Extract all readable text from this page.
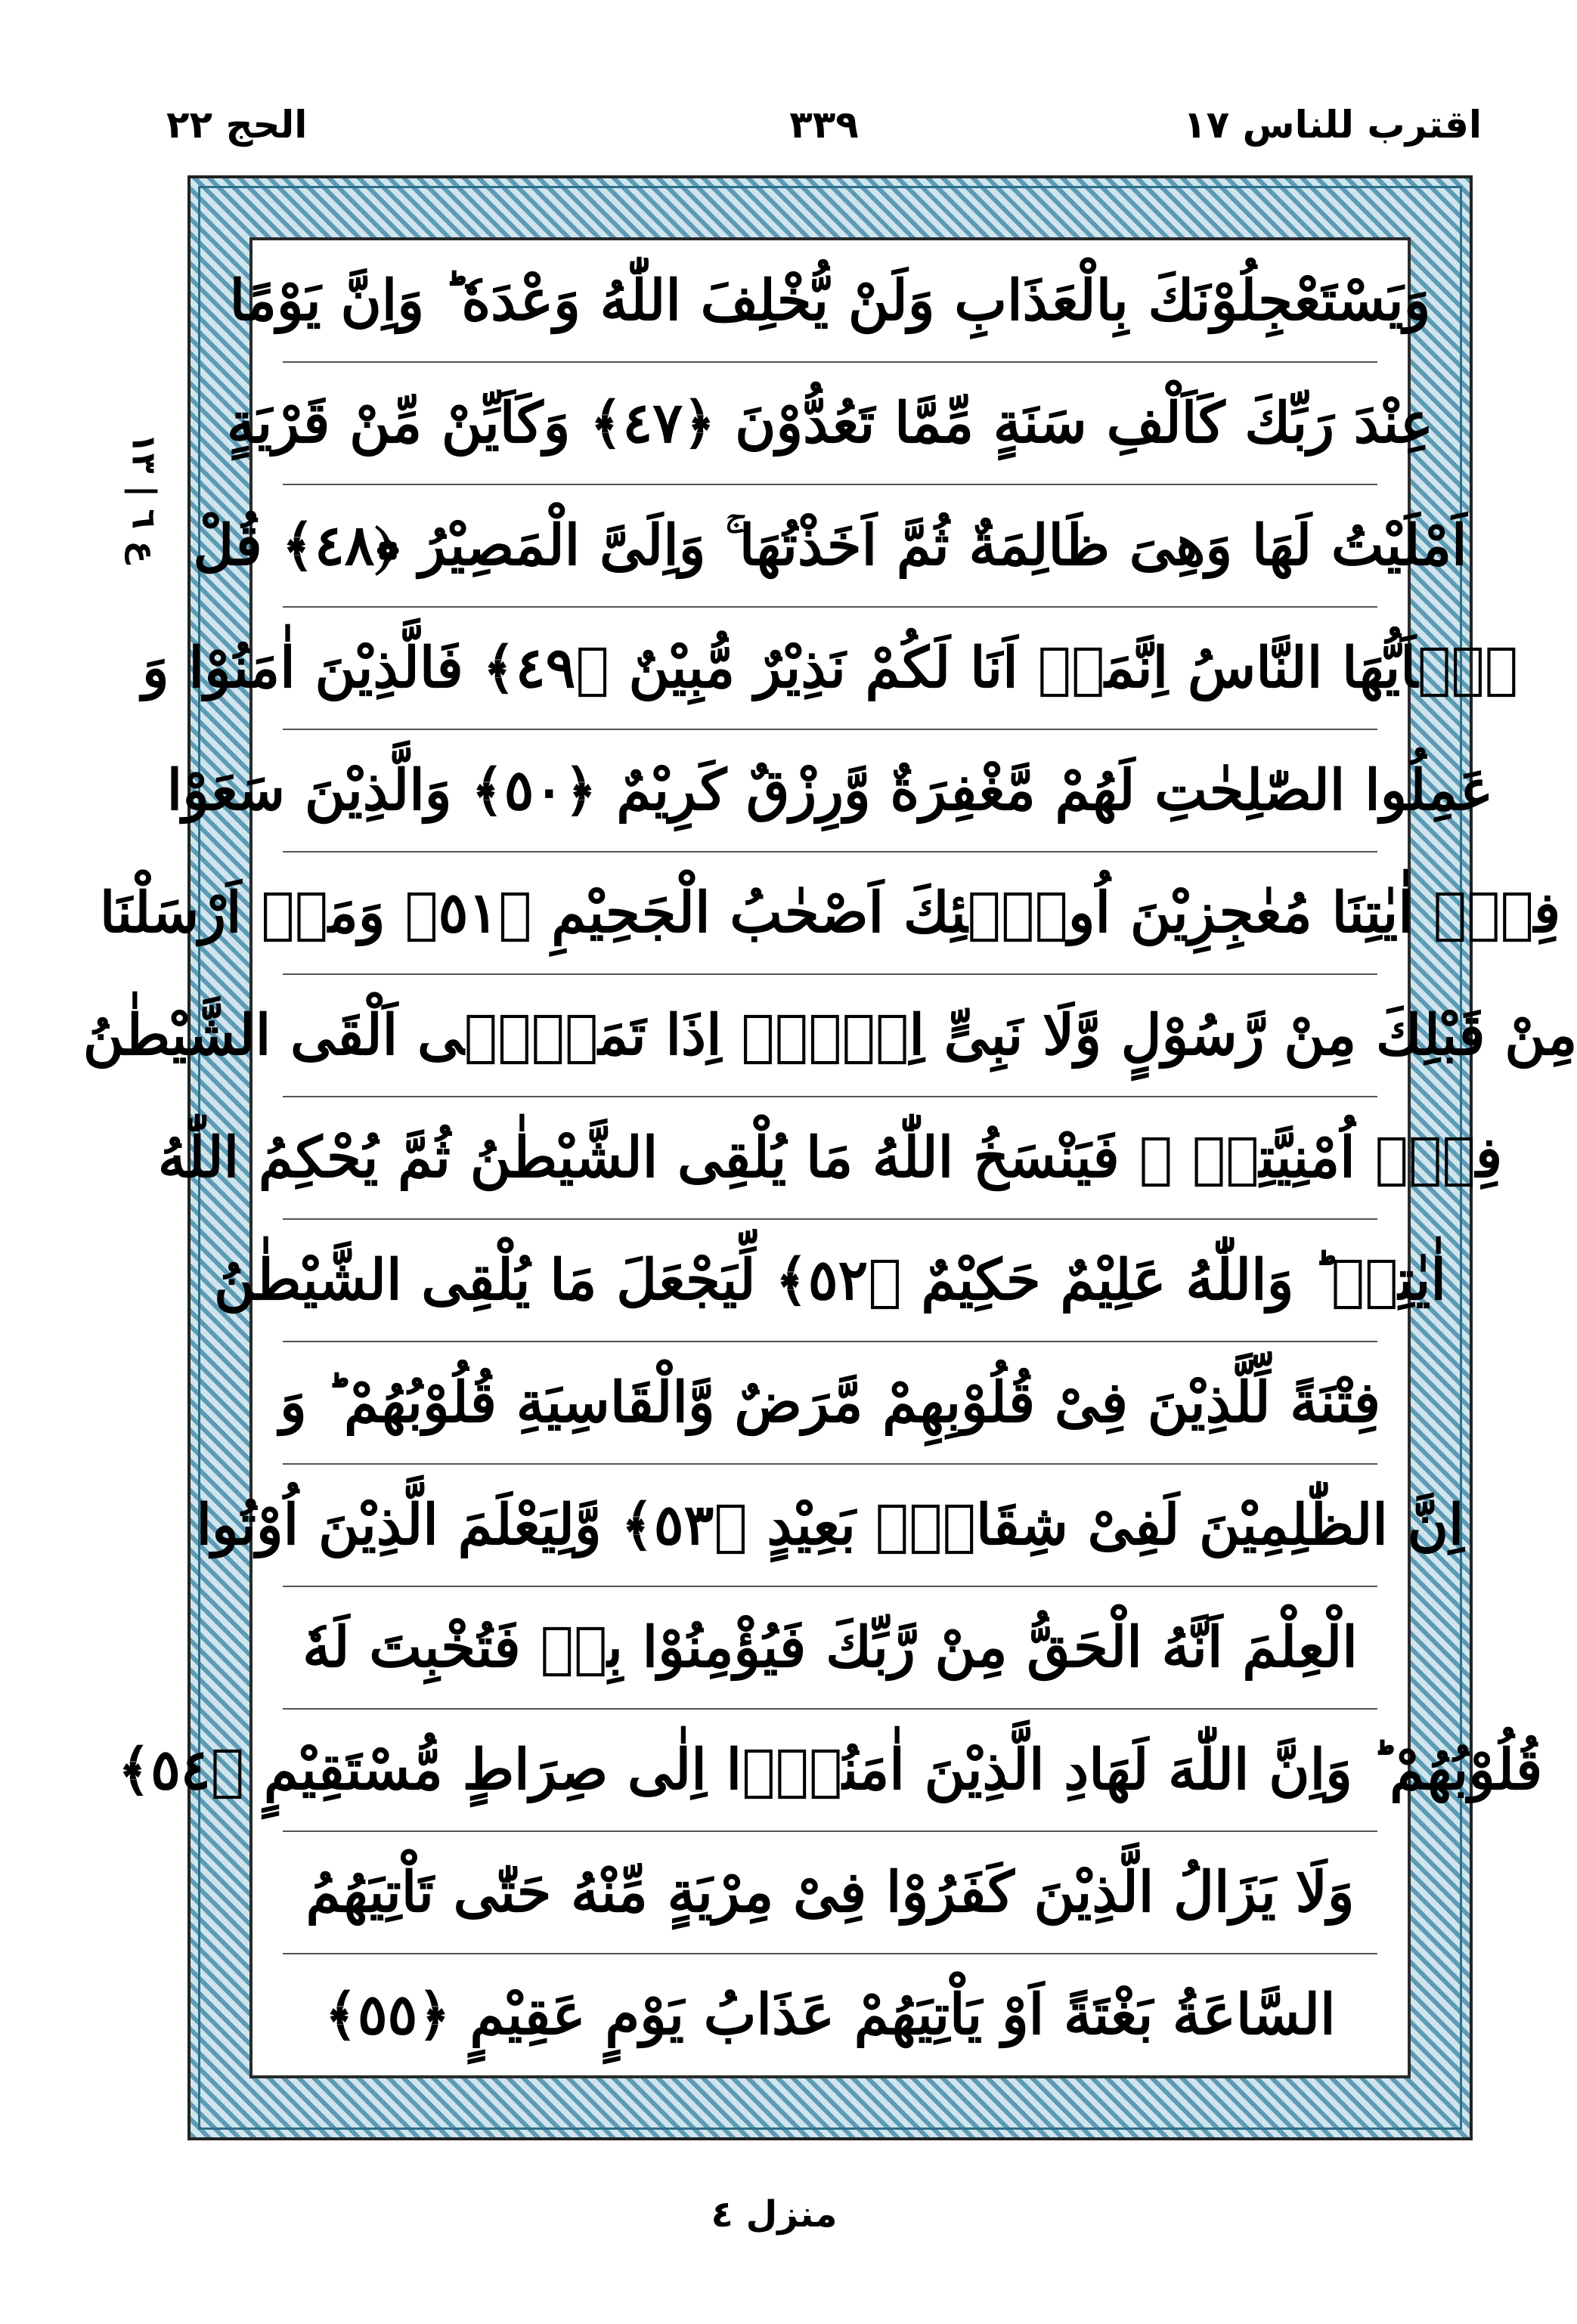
اقترب للناس ١٧
٣٣٩
الحج ٢٢
ع ٦ | ١٣
وَيَسْتَعْجِلُوْنَكَ بِالْعَذَابِ وَلَنْ يُّخْلِفَ اللّٰهُ وَعْدَهٗ ؕ وَاِنَّ يَوْمًا
عِنْدَ رَبِّكَ كَاَلْفِ سَنَةٍ مِّمَّا تَعُدُّوْنَ ﴿٤٧﴾ وَكَاَيِّنْ مِّنْ قَرْيَةٍ
اَمْلَيْتُ لَهَا وَهِىَ ظَالِمَةٌ ثُمَّ اَخَذْتُهَا ۚ وَاِلَىَّ الْمَصِيْرُ ﴿٤٨﴾ قُلْ
يٰۤاَيُّهَا النَّاسُ اِنَّمَاۤ اَنَا لَكُمْ نَذِيْرٌ مُّبِيْنٌ ﴿٤٩﴾ فَالَّذِيْنَ اٰمَنُوْا وَ
عَمِلُوا الصّٰلِحٰتِ لَهُمْ مَّغْفِرَةٌ وَّرِزْقٌ كَرِيْمٌ ﴿٥٠﴾ وَالَّذِيْنَ سَعَوْا
فِىْۤ اٰيٰتِنَا مُعٰجِزِيْنَ اُولٰۤئِكَ اَصْحٰبُ الْجَحِيْمِ ﴿٥١﴾ وَمَاۤ اَرْسَلْنَا
مِنْ قَبْلِكَ مِنْ رَّسُوْلٍ وَّلَا نَبِىٍّ اِلَّاۤ اِذَا تَمَنّٰۤى اَلْقَى الشَّيْطٰنُ
فِىْۤ اُمْنِيَّتِهٖ ۚ فَيَنْسَخُ اللّٰهُ مَا يُلْقِى الشَّيْطٰنُ ثُمَّ يُحْكِمُ اللّٰهُ
اٰيٰتِهٖ ؕ وَاللّٰهُ عَلِيْمٌ حَكِيْمٌ ﴿٥٢﴾ لِّيَجْعَلَ مَا يُلْقِى الشَّيْطٰنُ
فِتْنَةً لِّلَّذِيْنَ فِىْ قُلُوْبِهِمْ مَّرَضٌ وَّالْقَاسِيَةِ قُلُوْبُهُمْ ؕ وَ
اِنَّ الظّٰلِمِيْنَ لَفِىْ شِقَاقٍۭ بَعِيْدٍ ﴿٥٣﴾ وَّلِيَعْلَمَ الَّذِيْنَ اُوْتُوا
الْعِلْمَ اَنَّهُ الْحَقُّ مِنْ رَّبِّكَ فَيُؤْمِنُوْا بِهٖ فَتُخْبِتَ لَهٗ
قُلُوْبُهُمْ ؕ وَاِنَّ اللّٰهَ لَهَادِ الَّذِيْنَ اٰمَنُوْۤا اِلٰى صِرَاطٍ مُّسْتَقِيْمٍ ﴿٥٤﴾
وَلَا يَزَالُ الَّذِيْنَ كَفَرُوْا فِىْ مِرْيَةٍ مِّنْهُ حَتّٰى تَاْتِيَهُمُ
السَّاعَةُ بَغْتَةً اَوْ يَاْتِيَهُمْ عَذَابُ يَوْمٍ عَقِيْمٍ ﴿٥٥﴾
منزل ٤
